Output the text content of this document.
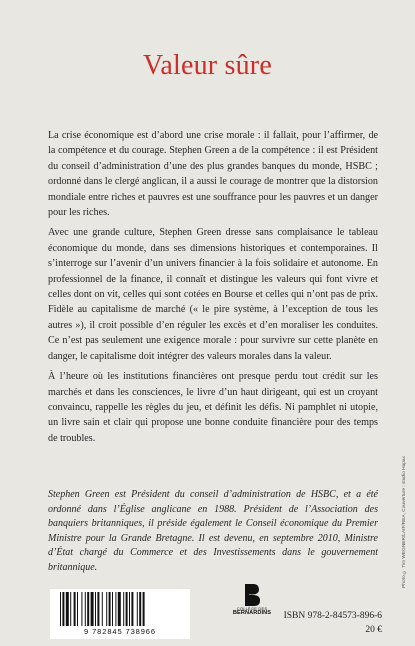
Valeur sûre

La crise économique est d’abord une crise morale : il fallait, pour l’affirmer, de la compétence et du courage. Stephen Green a de la compétence : il est Président du conseil d’administration d’une des plus grandes banques du monde, HSBC ; ordonné dans le clergé anglican, il a aussi le courage de montrer que la distorsion mondiale entre riches et pauvres est une souffrance pour les pauvres et un danger pour les riches.

Avec une grande culture, Stephen Green dresse sans complaisance le tableau économique du monde, dans ses dimensions historiques et contemporaines. Il s’interroge sur l’avenir d’un univers financier à la fois solidaire et autonome. En professionnel de la finance, il connaît et distingue les valeurs qui font vivre et celles dont on vit, celles qui sont cotées en Bourse et celles qui n’ont pas de prix. Fidèle au capitalisme de marché (« le pire système, à l’exception de tous les autres »), il croit possible d’en réguler les excès et d’en moraliser les conduites. Ce n’est pas seulement une exigence morale : pour survivre sur cette planète en danger, le capitalisme doit intégrer des valeurs morales dans la valeur.

À l’heure où les institutions financières ont presque perdu tout crédit sur les marchés et dans les consciences, le livre d’un haut dirigeant, qui est un croyant convaincu, rappelle les règles du jeu, et définit les défis. Ni pamphlet ni utopie, un livre sain et clair qui propose une bonne conduite financière pour des temps de troubles.

Stephen Green est Président du conseil d’administration de HSBC, et a été ordonné dans l’Église anglicane en 1988. Président de l’Association des banquiers britanniques, il préside également le Conseil économique du Premier Ministre pour la Grande Bretagne. Il est devenu, en septembre 2010, Ministre d’État chargé du Commerce et des Investissements dans le gouvernement britannique.	Photo © Tim WEGNER/LAIF/REA, Couverture : studio Hapax
9 782845 738966
COLLÈGE DES
BERNARDINS ISBN 978-2-84573-896-6
20 €
